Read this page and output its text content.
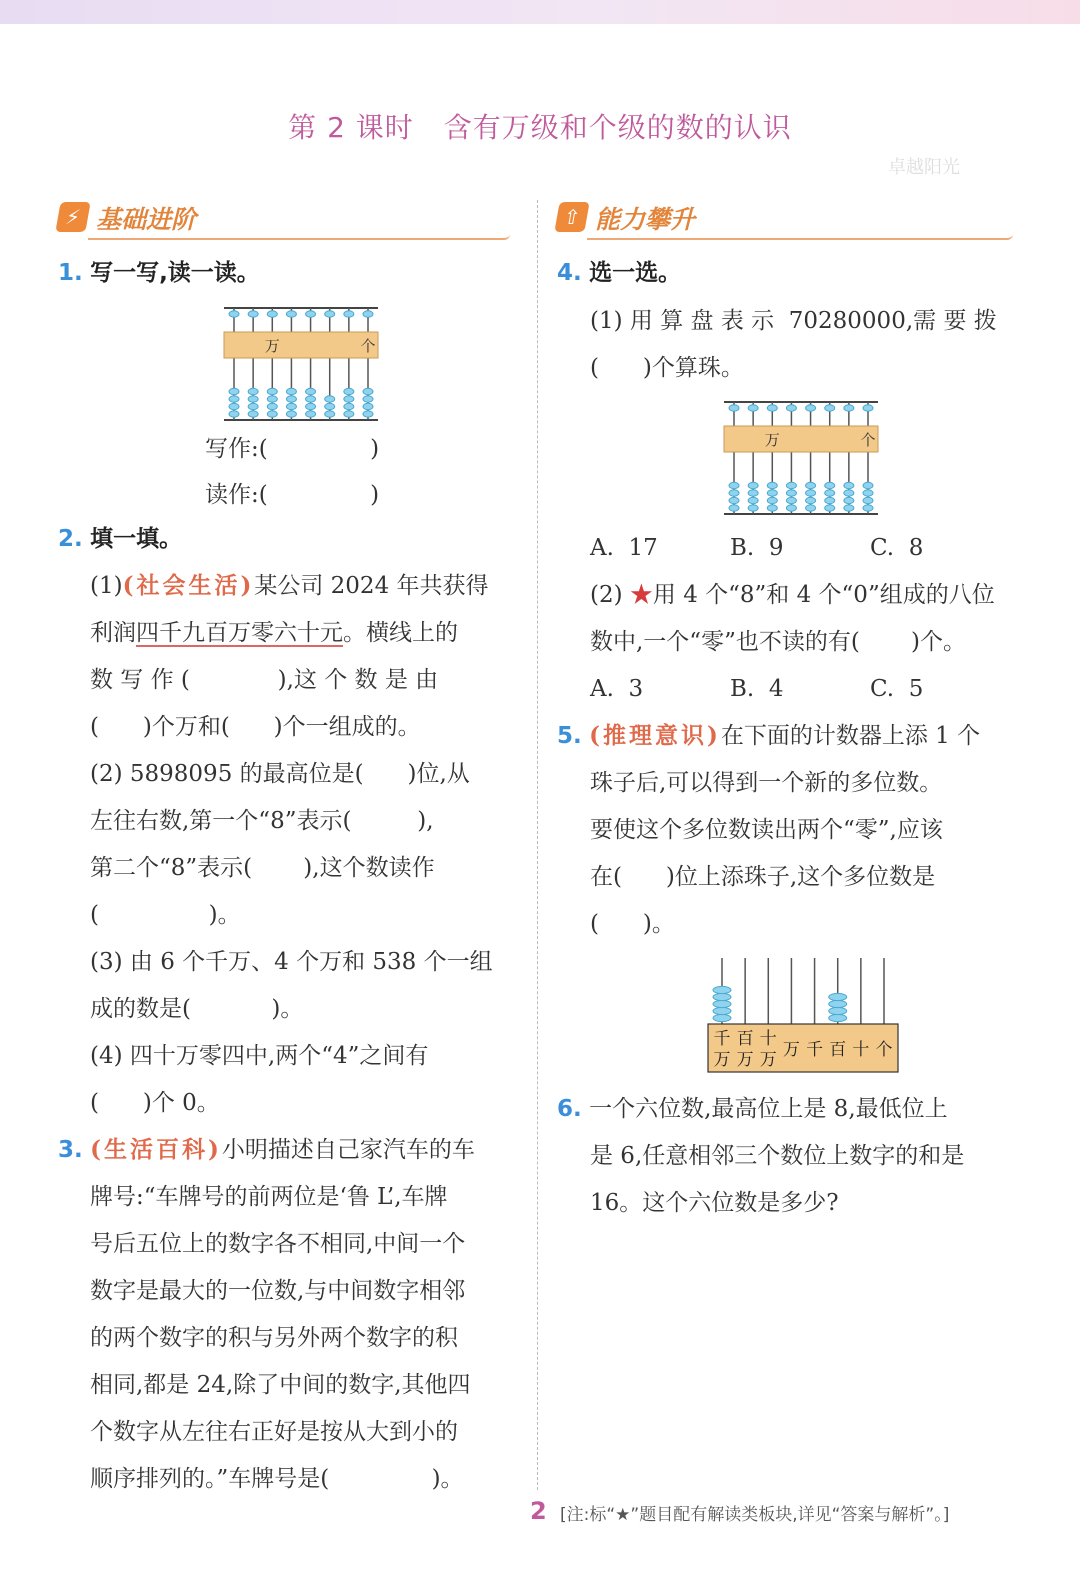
第 2 课时 含有万级和个级的数的认识
卓越阳光
⚡ 基础进阶	⇧ 能力攀升
1. 写一写,读一读。
万	个
写作:(              )
读作:(              )
2. 填一填。
(1)(社会生活)某公司 2024 年共获得
利润四千九百万零六十元。横线上的
数 写 作 (            ),这 个 数 是 由
(      )个万和(      )个一组成的。
(2) 5898095 的最高位是(      )位,从
左往右数,第一个“8”表示(         ),
第二个“8”表示(       ),这个数读作
(               )。
(3) 由 6 个千万、4 个万和 538 个一组
成的数是(           )。
(4) 四十万零四中,两个“4”之间有
(      )个 0。
3. (生活百科)小明描述自己家汽车的车
牌号:“车牌号的前两位是‘鲁 L’,车牌
号后五位上的数字各不相同,中间一个
数字是最大的一位数,与中间数字相邻
的两个数字的积与另外两个数字的积
相同,都是 24,除了中间的数字,其他四
个数字从左往右正好是按从大到小的
顺序排列的。”车牌号是(              )。
4. 选一选。
(1) 用 算 盘 表 示  70280000,需 要 拨
(      )个算珠。
万	个
A.  17	B.  9	C.  8
(2) ★用 4 个“8”和 4 个“0”组成的八位
数中,一个“零”也不读的有(       )个。
A.  3	B.  4	C.  5
5. (推理意识)在下面的计数器上添 1 个
珠子后,可以得到一个新的多位数。
要使这个多位数读出两个“零”,应该
在(      )位上添珠子,这个多位数是
(      )。
千
万
百
万
十
万 万 千 百 十 个
6. 一个六位数,最高位上是 8,最低位上
是 6,任意相邻三个数位上数字的和是
16。这个六位数是多少?
2 [注:标“★”题目配有解读类板块,详见“答案与解析”。]
